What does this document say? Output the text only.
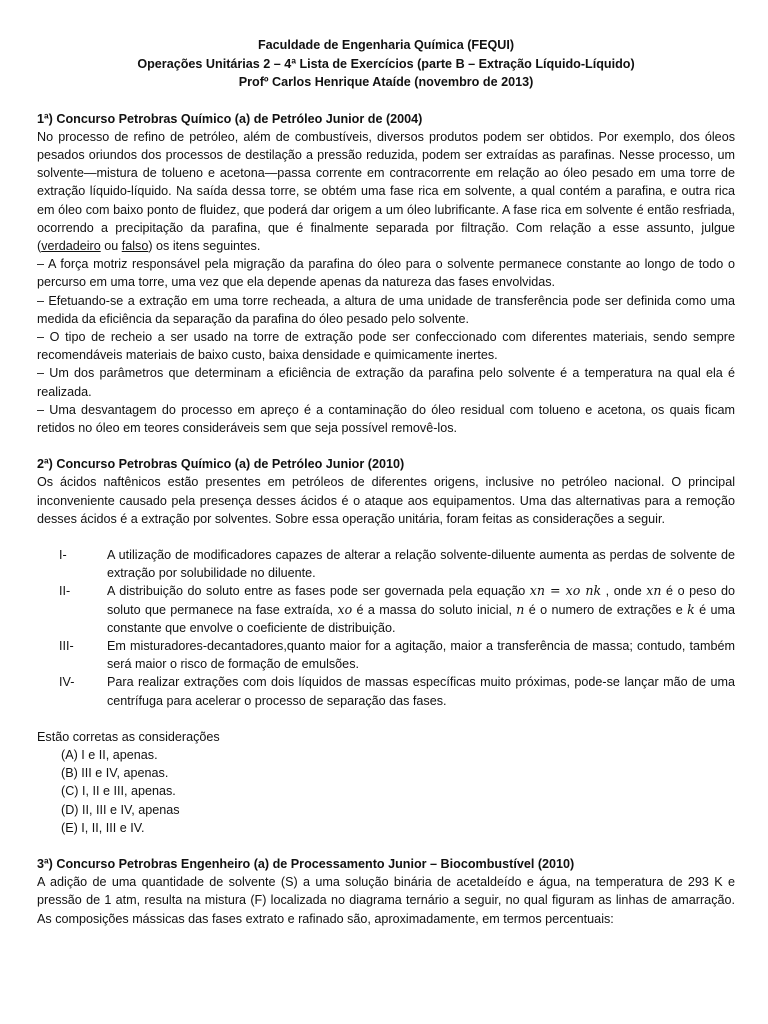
Faculdade de Engenharia Química (FEQUI)
Operações Unitárias 2 – 4ª Lista de Exercícios (parte B – Extração Líquido-Líquido)
Profº Carlos Henrique Ataíde (novembro de 2013)
1ª) Concurso Petrobras Químico (a) de Petróleo Junior de (2004)
No processo de refino de petróleo, além de combustíveis, diversos produtos podem ser obtidos. Por exemplo, dos óleos pesados oriundos dos processos de destilação a pressão reduzida, podem ser extraídas as parafinas. Nesse processo, um solvente—mistura de tolueno e acetona—passa corrente em contracorrente em relação ao óleo pesado em uma torre de extração líquido-líquido. Na saída dessa torre, se obtém uma fase rica em solvente, a qual contém a parafina, e outra rica em óleo com baixo ponto de fluidez, que poderá dar origem a um óleo lubrificante. A fase rica em solvente é então resfriada, ocorrendo a precipitação da parafina, que é finalmente separada por filtração. Com relação a esse assunto, julgue (verdadeiro ou falso) os itens seguintes.
– A força motriz responsável pela migração da parafina do óleo para o solvente permanece constante ao longo de todo o percurso em uma torre, uma vez que ela depende apenas da natureza das fases envolvidas.
– Efetuando-se a extração em uma torre recheada, a altura de uma unidade de transferência pode ser definida como uma medida da eficiência da separação da parafina do óleo pesado pelo solvente.
– O tipo de recheio a ser usado na torre de extração pode ser confeccionado com diferentes materiais, sendo sempre recomendáveis materiais de baixo custo, baixa densidade e quimicamente inertes.
– Um dos parâmetros que determinam a eficiência de extração da parafina pelo solvente é a temperatura na qual ela é realizada.
– Uma desvantagem do processo em apreço é a contaminação do óleo residual com tolueno e acetona, os quais ficam retidos no óleo em teores consideráveis sem que seja possível removê-los.
2ª) Concurso Petrobras Químico (a) de Petróleo Junior (2010)
Os ácidos naftênicos estão presentes em petróleos de diferentes origens, inclusive no petróleo nacional. O principal inconveniente causado pela presença desses ácidos é o ataque aos equipamentos. Uma das alternativas para a remoção desses ácidos é a extração por solventes. Sobre essa operação unitária, foram feitas as considerações a seguir.
I-	A utilização de modificadores capazes de alterar a relação solvente-diluente aumenta as perdas de solvente de extração por solubilidade no diluente.
II-	A distribuição do soluto entre as fases pode ser governada pela equação xn = xo nk , onde xn é o peso do soluto que permanece na fase extraída, xo é a massa do soluto inicial, n é o numero de extrações e k é uma constante que envolve o coeficiente de distribuição.
III-	Em misturadores-decantadores,quanto maior for a agitação, maior a transferência de massa; contudo, também será maior o risco de formação de emulsões.
IV-	Para realizar extrações com dois líquidos de massas específicas muito próximas, pode-se lançar mão de uma centrífuga para acelerar o processo de separação das fases.
Estão corretas as considerações
(A) I e II, apenas.
(B) III e IV, apenas.
(C) I, II e III, apenas.
(D) II, III e IV, apenas
(E) I, II, III e IV.
3ª) Concurso Petrobras Engenheiro (a) de Processamento Junior – Biocombustível (2010)
A adição de uma quantidade de solvente (S) a uma solução binária de acetaldeído e água, na temperatura de 293 K e pressão de 1 atm, resulta na mistura (F) localizada no diagrama ternário a seguir, no qual figuram as linhas de amarração. As composições mássicas das fases extrato e rafinado são, aproximadamente, em termos percentuais:
